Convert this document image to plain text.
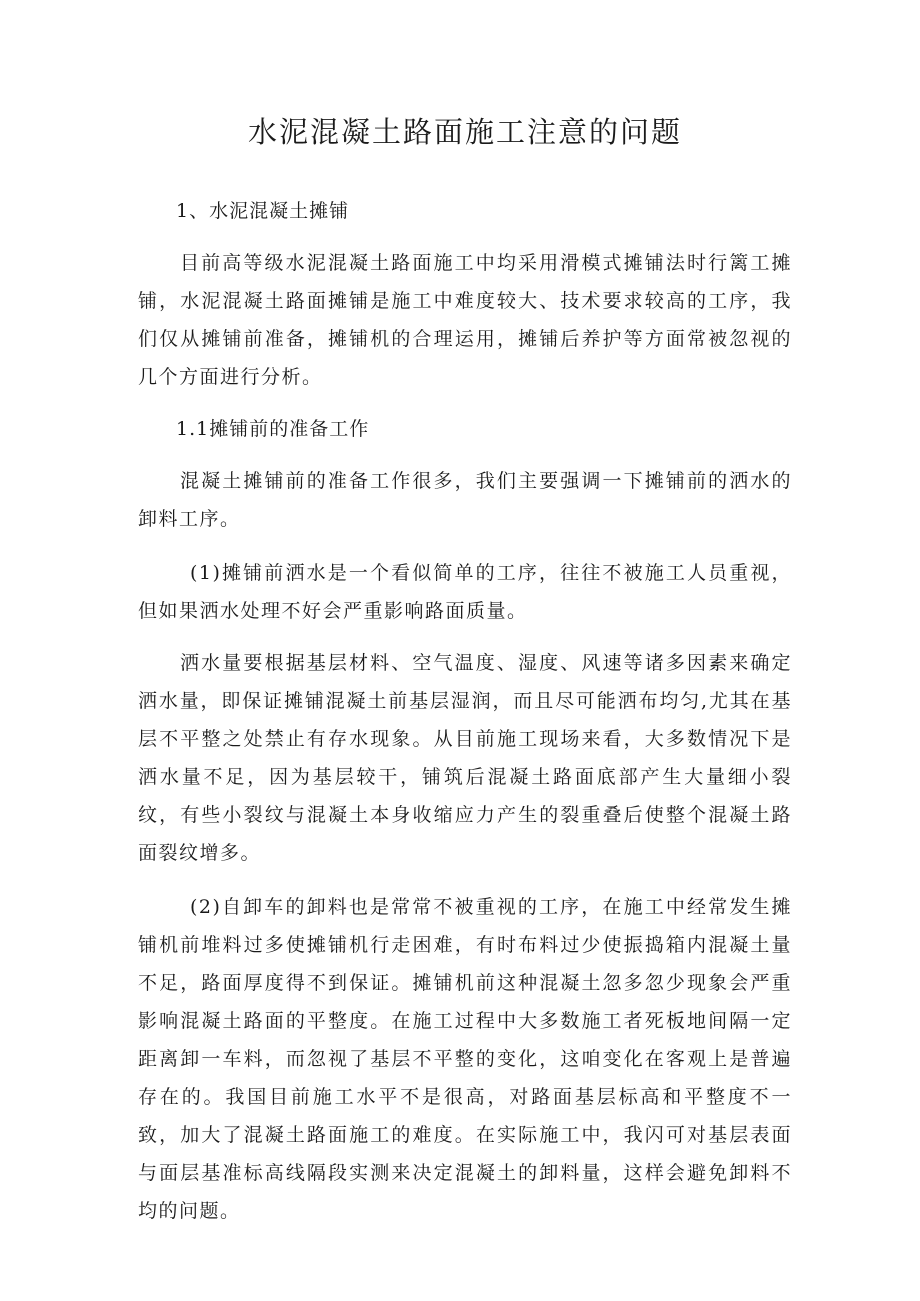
水泥混凝土路面施工注意的问题

1、水泥混凝土摊铺

目前高等级水泥混凝土路面施工中均采用滑模式摊铺法时行篱工摊铺，水泥混凝土路面摊铺是施工中难度较大、技术要求较高的工序，我们仅从摊铺前准备，摊铺机的合理运用，摊铺后养护等方面常被忽视的几个方面进行分析。

1.1摊铺前的准备工作

混凝土摊铺前的准备工作很多，我们主要强调一下摊铺前的洒水的卸料工序。

(1)摊铺前洒水是一个看似简单的工序，往往不被施工人员重视，但如果洒水处理不好会严重影响路面质量。

洒水量要根据基层材料、空气温度、湿度、风速等诸多因素来确定洒水量，即保证摊铺混凝土前基层湿润，而且尽可能洒布均匀,尤其在基层不平整之处禁止有存水现象。从目前施工现场来看，大多数情况下是洒水量不足，因为基层较干，铺筑后混凝土路面底部产生大量细小裂纹，有些小裂纹与混凝土本身收缩应力产生的裂重叠后使整个混凝土路面裂纹增多。

(2)自卸车的卸料也是常常不被重视的工序，在施工中经常发生摊铺机前堆料过多使摊铺机行走困难，有时布料过少使振捣箱内混凝土量不足，路面厚度得不到保证。摊铺机前这种混凝土忽多忽少现象会严重影响混凝土路面的平整度。在施工过程中大多数施工者死板地间隔一定距离卸一车料，而忽视了基层不平整的变化，这咱变化在客观上是普遍存在的。我国目前施工水平不是很高，对路面基层标高和平整度不一致，加大了混凝土路面施工的难度。在实际施工中，我闪可对基层表面与面层基准标高线隔段实测来决定混凝土的卸料量，这样会避免卸料不均的问题。
